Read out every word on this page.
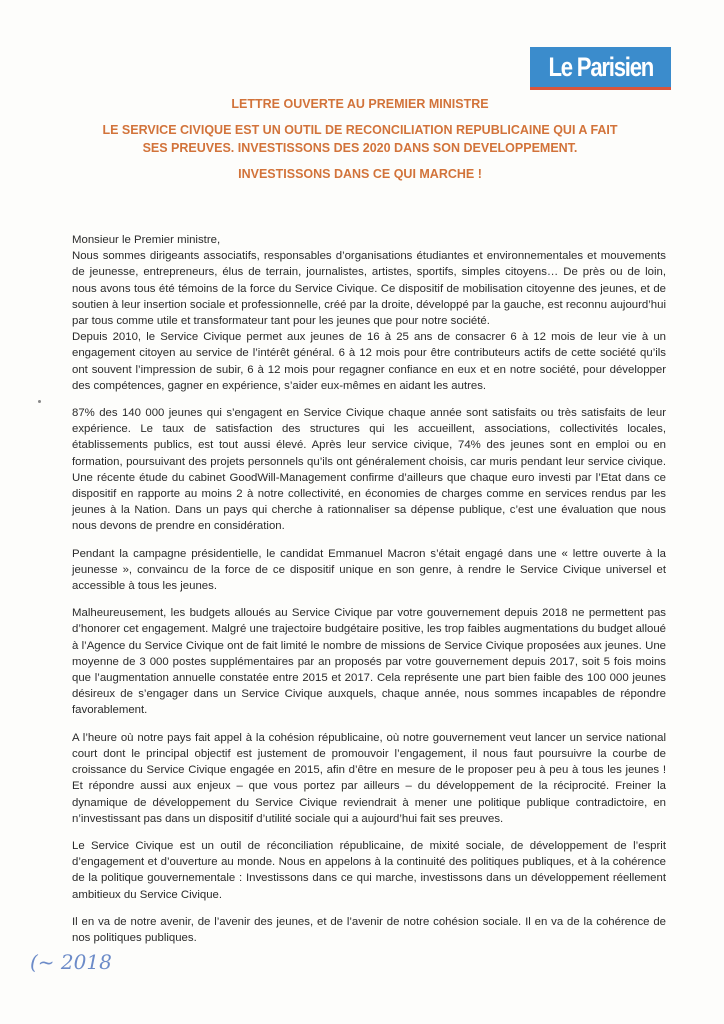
Le Parisien
LETTRE OUVERTE AU PREMIER MINISTRE
LE SERVICE CIVIQUE EST UN OUTIL DE RECONCILIATION REPUBLICAINE QUI A FAIT
SES PREUVES. INVESTISSONS DES 2020 DANS SON DEVELOPPEMENT.
INVESTISSONS DANS CE QUI MARCHE !

Monsieur le Premier ministre,

Nous sommes dirigeants associatifs, responsables d’organisations étudiantes et environnementales et mouvements de jeunesse, entrepreneurs, élus de terrain, journalistes, artistes, sportifs, simples citoyens… De près ou de loin, nous avons tous été témoins de la force du Service Civique. Ce dispositif de mobilisation citoyenne des jeunes, et de soutien à leur insertion sociale et professionnelle, créé par la droite, développé par la gauche, est reconnu aujourd’hui par tous comme utile et transformateur tant pour les jeunes que pour notre société.

Depuis 2010, le Service Civique permet aux jeunes de 16 à 25 ans de consacrer 6 à 12 mois de leur vie à un engagement citoyen au service de l’intérêt général. 6 à 12 mois pour être contributeurs actifs de cette société qu’ils ont souvent l’impression de subir, 6 à 12 mois pour regagner confiance en eux et en notre société, pour développer des compétences, gagner en expérience, s’aider eux-mêmes en aidant les autres.

87% des 140 000 jeunes qui s’engagent en Service Civique chaque année sont satisfaits ou très satisfaits de leur expérience. Le taux de satisfaction des structures qui les accueillent, associations, collectivités locales, établissements publics, est tout aussi élevé. Après leur service civique, 74% des jeunes sont en emploi ou en formation, poursuivant des projets personnels qu’ils ont généralement choisis, car muris pendant leur service civique. Une récente étude du cabinet GoodWill-Management confirme d’ailleurs que chaque euro investi par l’Etat dans ce dispositif en rapporte au moins 2 à notre collectivité, en économies de charges comme en services rendus par les jeunes à la Nation. Dans un pays qui cherche à rationnaliser sa dépense publique, c’est une évaluation que nous nous devons de prendre en considération.

Pendant la campagne présidentielle, le candidat Emmanuel Macron s’était engagé dans une « lettre ouverte à la jeunesse », convaincu de la force de ce dispositif unique en son genre, à rendre le Service Civique universel et accessible à tous les jeunes.

Malheureusement, les budgets alloués au Service Civique par votre gouvernement depuis 2018 ne permettent pas d’honorer cet engagement. Malgré une trajectoire budgétaire positive, les trop faibles augmentations du budget alloué à l’Agence du Service Civique ont de fait limité le nombre de missions de Service Civique proposées aux jeunes. Une moyenne de 3 000 postes supplémentaires par an proposés par votre gouvernement depuis 2017, soit 5 fois moins que l’augmentation annuelle constatée entre 2015 et 2017. Cela représente une part bien faible des 100 000 jeunes désireux de s’engager dans un Service Civique auxquels, chaque année, nous sommes incapables de répondre favorablement.

A l’heure où notre pays fait appel à la cohésion républicaine, où notre gouvernement veut lancer un service national court dont le principal objectif est justement de promouvoir l’engagement, il nous faut poursuivre la courbe de croissance du Service Civique engagée en 2015, afin d’être en mesure de le proposer peu à peu à tous les jeunes ! Et répondre aussi aux enjeux – que vous portez par ailleurs – du développement de la réciprocité. Freiner la dynamique de développement du Service Civique reviendrait à mener une politique publique contradictoire, en n’investissant pas dans un dispositif d’utilité sociale qui a aujourd’hui fait ses preuves.

Le Service Civique est un outil de réconciliation républicaine, de mixité sociale, de développement de l’esprit d’engagement et d’ouverture au monde. Nous en appelons à la continuité des politiques publiques, et à la cohérence de la politique gouvernementale : Investissons dans ce qui marche, investissons dans un développement réellement ambitieux du Service Civique.

Il en va de notre avenir, de l’avenir des jeunes, et de l’avenir de notre cohésion sociale. Il en va de la cohérence de nos politiques publiques.

(~ 2018
